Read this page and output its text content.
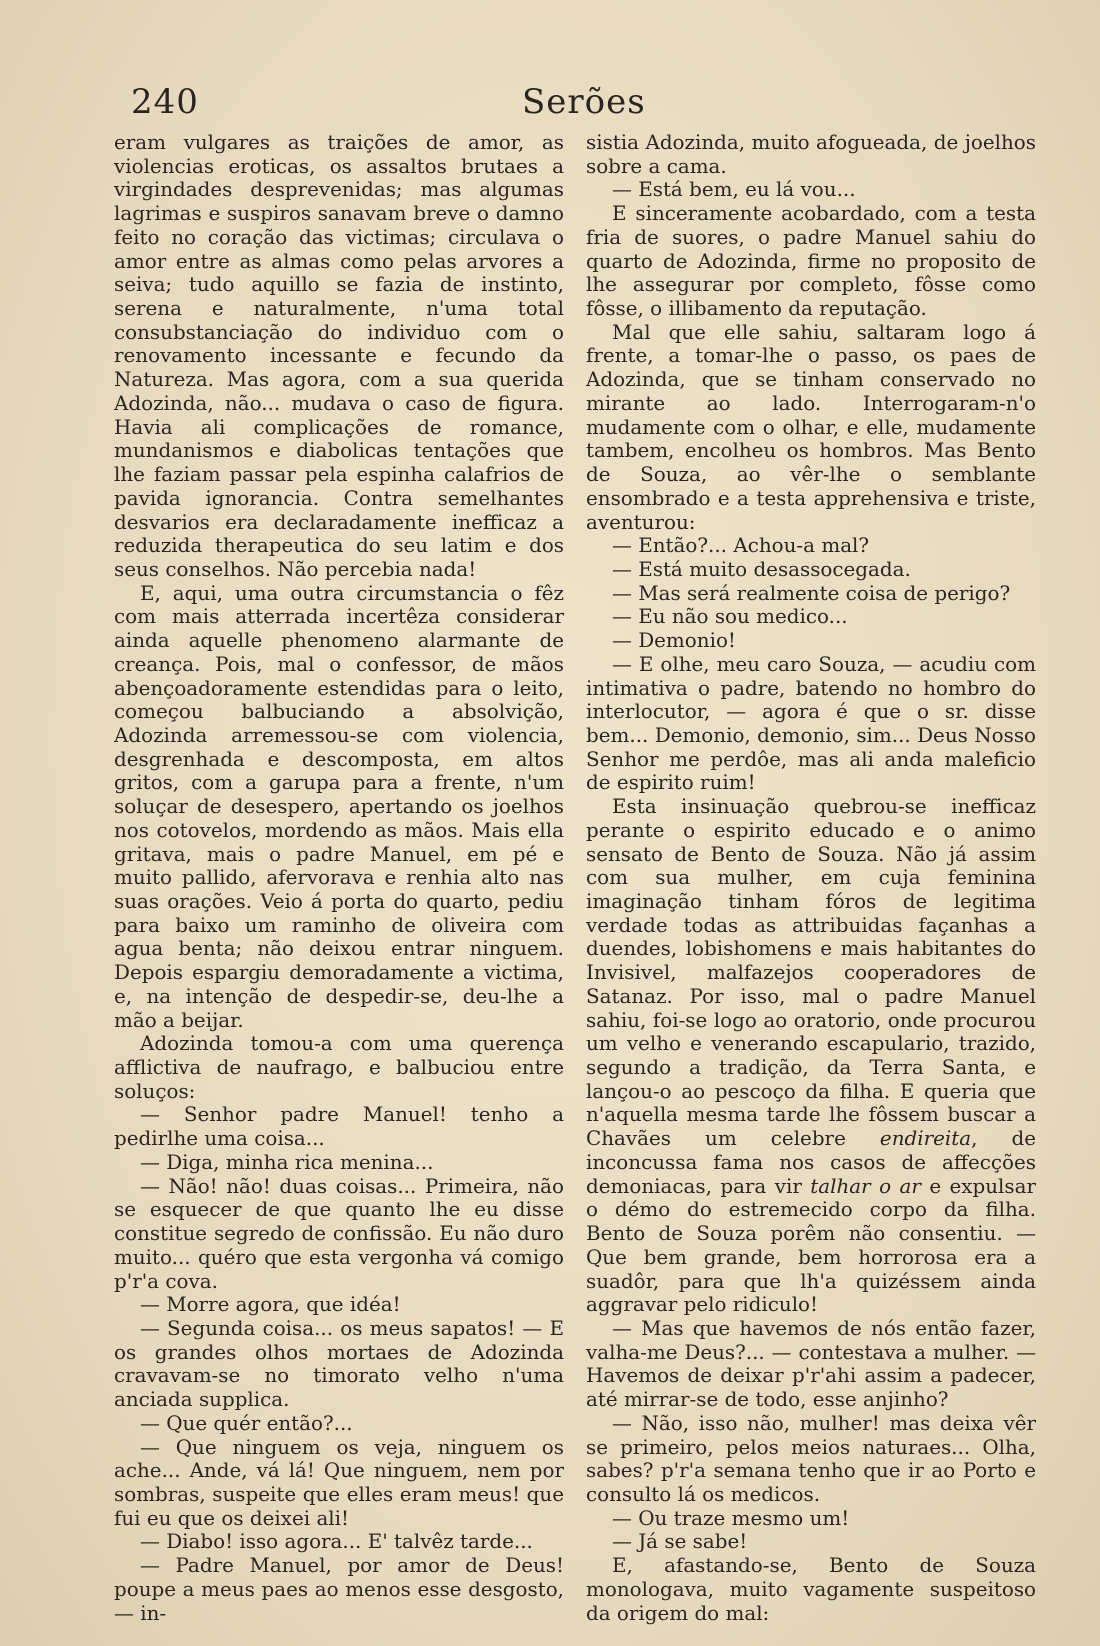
240	Serões

eram vulgares as traições de amor, as violencias eroticas, os assaltos brutaes a virgindades desprevenidas; mas algumas lagrimas e suspiros sanavam breve o damno feito no coração das victimas; circulava o amor entre as almas como pelas arvores a seiva; tudo aquillo se fazia de instinto, serena e naturalmente, n'uma total consubstanciação do individuo com o renovamento incessante e fecundo da Natureza. Mas agora, com a sua querida Adozinda, não... mudava o caso de figura. Havia ali complicações de romance, mundanismos e diabolicas tentações que lhe faziam passar pela espinha calafrios de pavida ignorancia. Contra semelhantes desvarios era declaradamente inefficaz a reduzida therapeutica do seu latim e dos seus conselhos. Não percebia nada!

E, aqui, uma outra circumstancia o fêz com mais atterrada incertêza considerar ainda aquelle phenomeno alarmante de creança. Pois, mal o confessor, de mãos abençoadoramente estendidas para o leito, começou balbuciando a absolvição, Adozinda arremessou-se com violencia, desgrenhada e descomposta, em altos gritos, com a garupa para a frente, n'um soluçar de desespero, apertando os joelhos nos cotovelos, mordendo as mãos. Mais ella gritava, mais o padre Manuel, em pé e muito pallido, afervorava e renhia alto nas suas orações. Veio á porta do quarto, pediu para baixo um raminho de oliveira com agua benta; não deixou entrar ninguem. Depois espargiu demoradamente a victima, e, na intenção de despedir-se, deu-lhe a mão a beijar.

Adozinda tomou-a com uma querença afflictiva de naufrago, e balbuciou entre soluços:

— Senhor padre Manuel! tenho a pedirlhe uma coisa...

— Diga, minha rica menina...

— Não! não! duas coisas... Primeira, não se esquecer de que quanto lhe eu disse constitue segredo de confissão. Eu não duro muito... quéro que esta vergonha vá comigo p'r'a cova.

— Morre agora, que idéa!

— Segunda coisa... os meus sapatos! — E os grandes olhos mortaes de Adozinda cravavam-se no timorato velho n'uma anciada supplica.

— Que quér então?...

— Que ninguem os veja, ninguem os ache... Ande, vá lá! Que ninguem, nem por sombras, suspeite que elles eram meus! que fui eu que os deixei ali!

— Diabo! isso agora... E' talvêz tarde...

— Padre Manuel, por amor de Deus! poupe a meus paes ao menos esse desgosto, — in-

sistia Adozinda, muito afogueada, de joelhos sobre a cama.

— Está bem, eu lá vou...

E sinceramente acobardado, com a testa fria de suores, o padre Manuel sahiu do quarto de Adozinda, firme no proposito de lhe assegurar por completo, fôsse como fôsse, o illibamento da reputação.

Mal que elle sahiu, saltaram logo á frente, a tomar-lhe o passo, os paes de Adozinda, que se tinham conservado no mirante ao lado. Interrogaram-n'o mudamente com o olhar, e elle, mudamente tambem, encolheu os hombros. Mas Bento de Souza, ao vêr-lhe o semblante ensombrado e a testa apprehensiva e triste, aventurou:

— Então?... Achou-a mal?

— Está muito desassocegada.

— Mas será realmente coisa de perigo?

— Eu não sou medico...

— Demonio!

— E olhe, meu caro Souza, — acudiu com intimativa o padre, batendo no hombro do interlocutor, — agora é que o sr. disse bem... Demonio, demonio, sim... Deus Nosso Senhor me perdôe, mas ali anda maleficio de espirito ruim!

Esta insinuação quebrou-se inefficaz perante o espirito educado e o animo sensato de Bento de Souza. Não já assim com sua mulher, em cuja feminina imaginação tinham fóros de legitima verdade todas as attribuidas façanhas a duendes, lobishomens e mais habitantes do Invisivel, malfazejos cooperadores de Satanaz. Por isso, mal o padre Manuel sahiu, foi-se logo ao oratorio, onde procurou um velho e venerando escapulario, trazido, segundo a tradição, da Terra Santa, e lançou-o ao pescoço da filha. E queria que n'aquella mesma tarde lhe fôssem buscar a Chavães um celebre endireita, de inconcussa fama nos casos de affecções demoniacas, para vir talhar o ar e expulsar o démo do estremecido corpo da filha. Bento de Souza porêm não consentiu. — Que bem grande, bem horrorosa era a suadôr, para que lh'a quizéssem ainda aggravar pelo ridiculo!

— Mas que havemos de nós então fazer, valha-me Deus?... — contestava a mulher. — Havemos de deixar p'r'ahi assim a padecer, até mirrar-se de todo, esse anjinho?

— Não, isso não, mulher! mas deixa vêr se primeiro, pelos meios naturaes... Olha, sabes? p'r'a semana tenho que ir ao Porto e consulto lá os medicos.

— Ou traze mesmo um!

— Já se sabe!

E, afastando-se, Bento de Souza monologava, muito vagamente suspeitoso da origem do mal:
